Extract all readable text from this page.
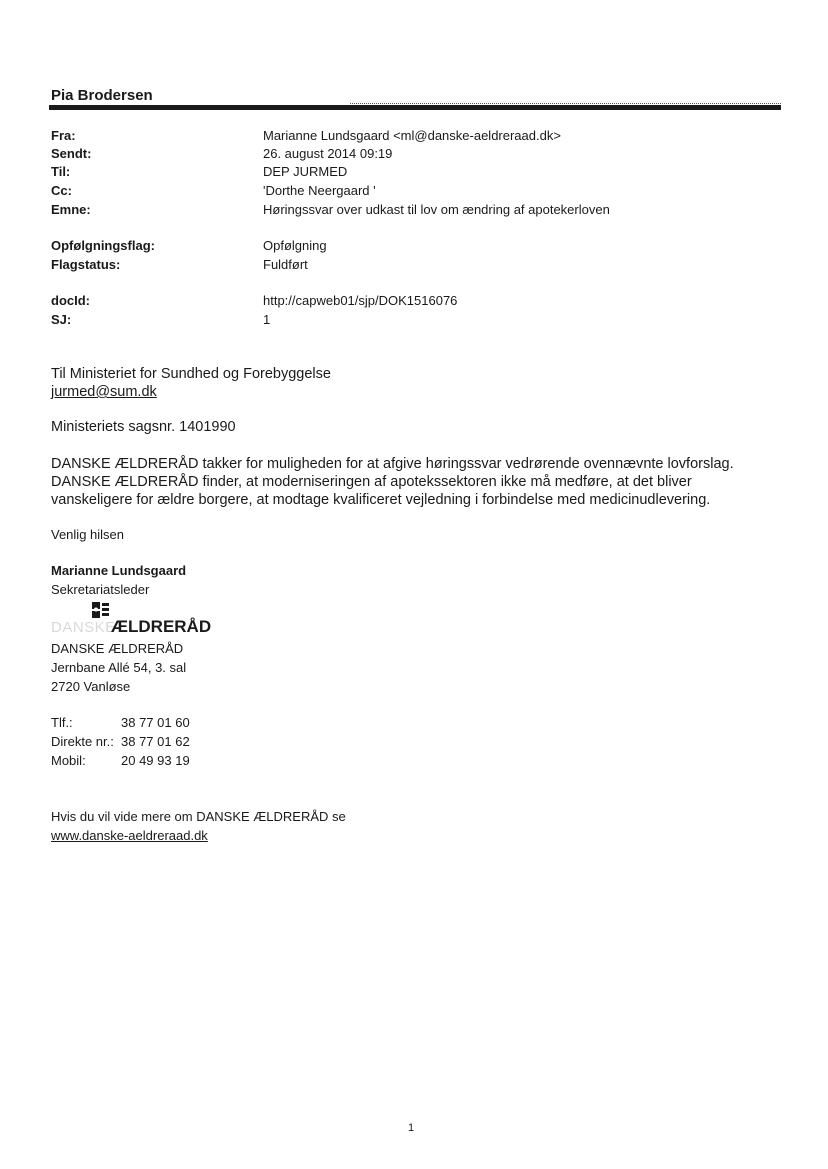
Pia Brodersen
Fra:	Marianne Lundsgaard <ml@danske-aeldreraad.dk>
Sendt:	26. august 2014 09:19
Til:	DEP JURMED
Cc:	'Dorthe Neergaard '
Emne:	Høringssvar over udkast til lov om ændring af apotekerloven
Opfølgningsflag:	Opfølgning
Flagstatus:	Fuldført
docId:	http://capweb01/sjp/DOK1516076
SJ:	1
Til Ministeriet for Sundhed og Forebyggelse
jurmed@sum.dk
Ministeriets sagsnr. 1401990
DANSKE ÆLDRERÅD takker for muligheden for at afgive høringssvar vedrørende ovennævnte lovforslag.
DANSKE ÆLDRERÅD finder, at moderniseringen af apotekssektoren ikke må medføre, at det bliver
vanskeligere for ældre borgere, at modtage kvalificeret vejledning i forbindelse med medicinudlevering.
Venlig hilsen
Marianne Lundsgaard
Sekretariatsleder
DANSKE
ÆLDRERÅD
DANSKE ÆLDRERÅD
Jernbane Allé 54, 3. sal
2720 Vanløse
Tlf.:	38 77 01 60
Direkte nr.: 38 77 01 62
Mobil:	20 49 93 19
Hvis du vil vide mere om DANSKE ÆLDRERÅD se
www.danske-aeldreraad.dk
1
